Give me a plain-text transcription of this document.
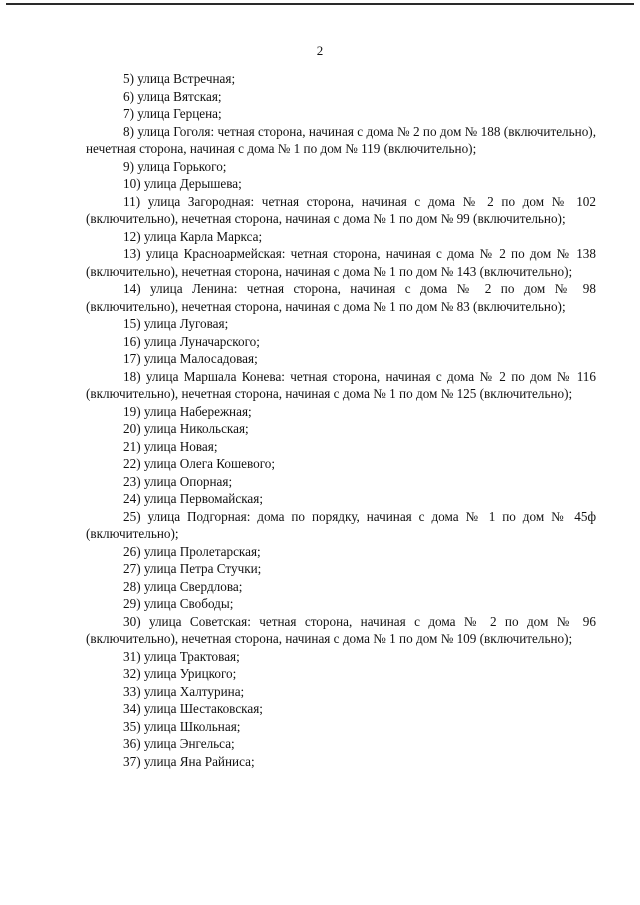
2

5) улица Встречная;

6) улица Вятская;

7) улица Герцена;

8) улица Гоголя: четная сторона, начиная с дома № 2 по дом № 188 (включительно), нечетная сторона, начиная с дома № 1 по дом № 119 (включительно);

9) улица Горького;

10) улица Дерышева;

11) улица Загородная: четная сторона, начиная с дома № 2 по дом № 102 (включительно), нечетная сторона, начиная с дома № 1 по дом № 99 (включительно);

12) улица Карла Маркса;

13) улица Красноармейская: четная сторона, начиная с дома № 2 по дом № 138 (включительно), нечетная сторона, начиная с дома № 1 по дом № 143 (включительно);

14) улица Ленина: четная сторона, начиная с дома № 2 по дом № 98 (включительно), нечетная сторона, начиная с дома № 1 по дом № 83 (включительно);

15) улица Луговая;

16) улица Луначарского;

17) улица Малосадовая;

18) улица Маршала Конева: четная сторона, начиная с дома № 2 по дом № 116 (включительно), нечетная сторона, начиная с дома № 1 по дом № 125 (включительно);

19) улица Набережная;

20) улица Никольская;

21) улица Новая;

22) улица Олега Кошевого;

23) улица Опорная;

24) улица Первомайская;

25) улица Подгорная: дома по порядку, начиная с дома № 1 по дом № 45ф (включительно);

26) улица Пролетарская;

27) улица Петра Стучки;

28) улица Свердлова;

29) улица Свободы;

30) улица Советская: четная сторона, начиная с дома № 2 по дом № 96 (включительно), нечетная сторона, начиная с дома № 1 по дом № 109 (включительно);

31) улица Трактовая;

32) улица Урицкого;

33) улица Халтурина;

34) улица Шестаковская;

35) улица Школьная;

36) улица Энгельса;

37) улица Яна Райниса;
